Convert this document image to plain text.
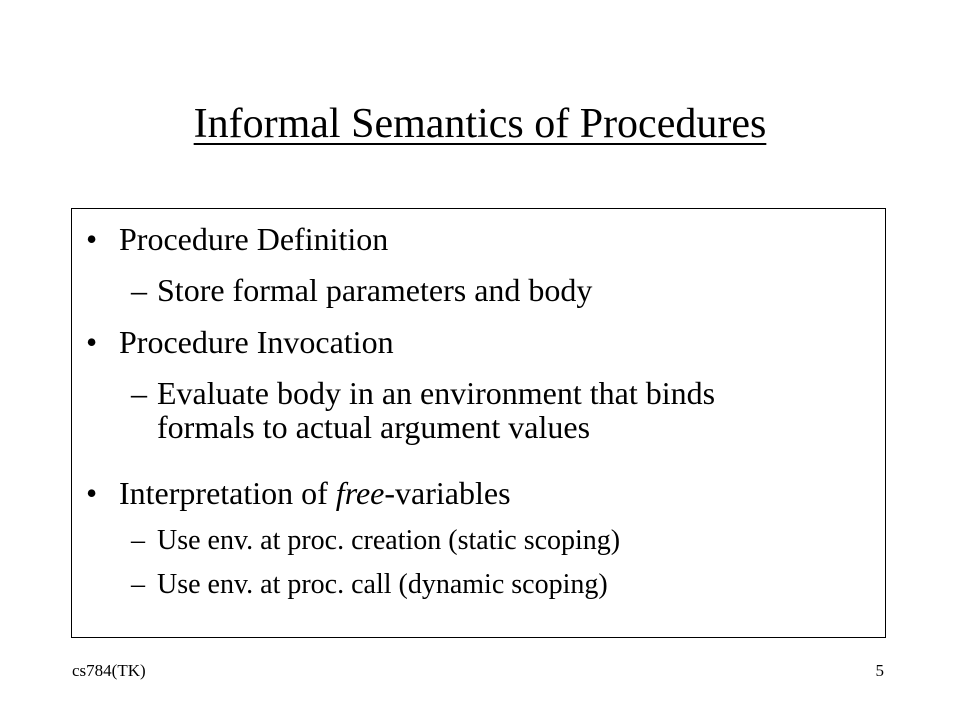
Informal Semantics of Procedures
• Procedure Definition

– Store formal parameters and body

• Procedure Invocation

– Evaluate body in an environment that binds

formals to actual argument values

• Interpretation of free-variables

– Use env. at proc. creation (static scoping)

– Use env. at proc. call (dynamic scoping)

cs784(TK)	5
